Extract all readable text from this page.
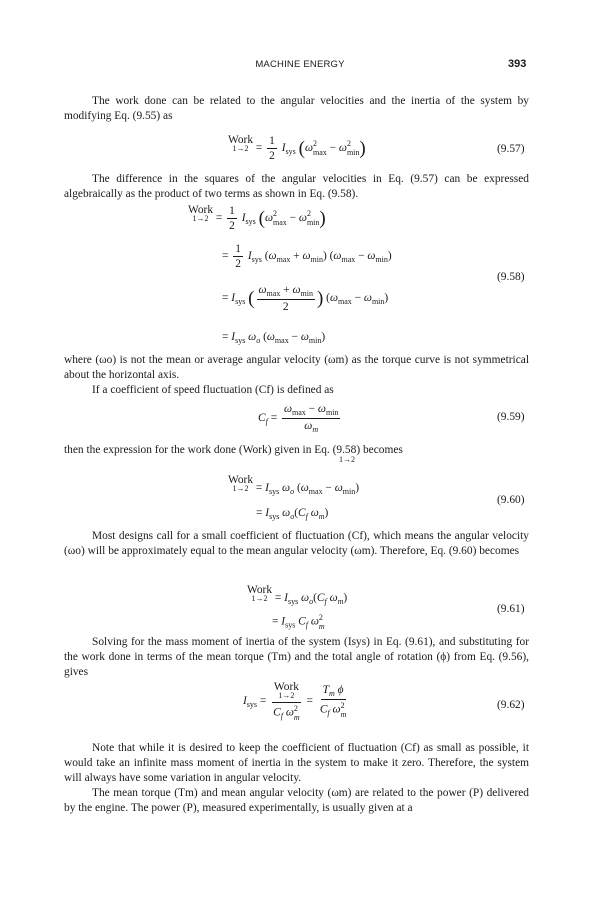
MACHINE ENERGY	393

The work done can be related to the angular velocities and the inertia of the system by modifying Eq. (9.55) as

Work
$1\to 2 = \frac{1}{2} I_{sys}$ (ω 2
max − ω 2
min )	(9.57)

The difference in the squares of the angular velocities in Eq. (9.57) can be expressed algebraically as the product of two terms as shown in Eq. (9.58).

Work
$1\to 2 = \frac{1}{2} I_{sys}$ (ω 2
max − ω 2
min )
= $\frac{1}{2} I_{sys}$ $(\omega_{max} + \omega_{min}) (\omega_{max} - \omega_{min})$
= $I_{sys}$ ( $\frac{\omega_{max} + \omega_{min}}{2}$ ) $(\omega_{max} - \omega_{min})$
= $I_{sys}$ $\omega_o$ $(\omega_{max} - \omega_{min})$
(9.58)

where (ωo) is not the mean or average angular velocity (ωm) as the torque curve is not symmetrical about the horizontal axis.

If a coefficient of speed fluctuation (Cf) is defined as

$C_f = \frac{\omega_{max} - \omega_{min}}{\omega_m}$	(9.59)

then the expression for the work done (Work) given in Eq. (9.58) becomes

1→2
Work
$1\to 2 = I_{sys}$ $\omega_o$ $(\omega_{max} - \omega_{min})$
= $I_{sys}$ $\omega_o(C_f$ $\omega_m$)
(9.60)

Most designs call for a small coefficient of fluctuation (Cf), which means the angular velocity (ωo) will be approximately equal to the mean angular velocity (ωm). Therefore, Eq. (9.60) becomes

Work
$1\to 2 = I_{sys}$ $\omega_o(C_f$ $\omega_m$)
= $I_{sys}$ $C_f$ ω 2
m
(9.61)

Solving for the mass moment of inertia of the system (Isys) in Eq. (9.61), and substituting for the work done in terms of the mean torque (Tm) and the total angle of rotation (ϕ) from Eq. (9.56), gives

$I_{sys}$ = Work
1→2
$C_f$ ω 2
$m = T_m$ ϕ
$C_f$ ω 2
m	(9.62)

Note that while it is desired to keep the coefficient of fluctuation (Cf) as small as possible, it would take an infinite mass moment of inertia in the system to make it zero. Therefore, the system will always have some variation in angular velocity.

The mean torque (Tm) and mean angular velocity (ωm) are related to the power (P) delivered by the engine. The power (P), measured experimentally, is usually given at a
